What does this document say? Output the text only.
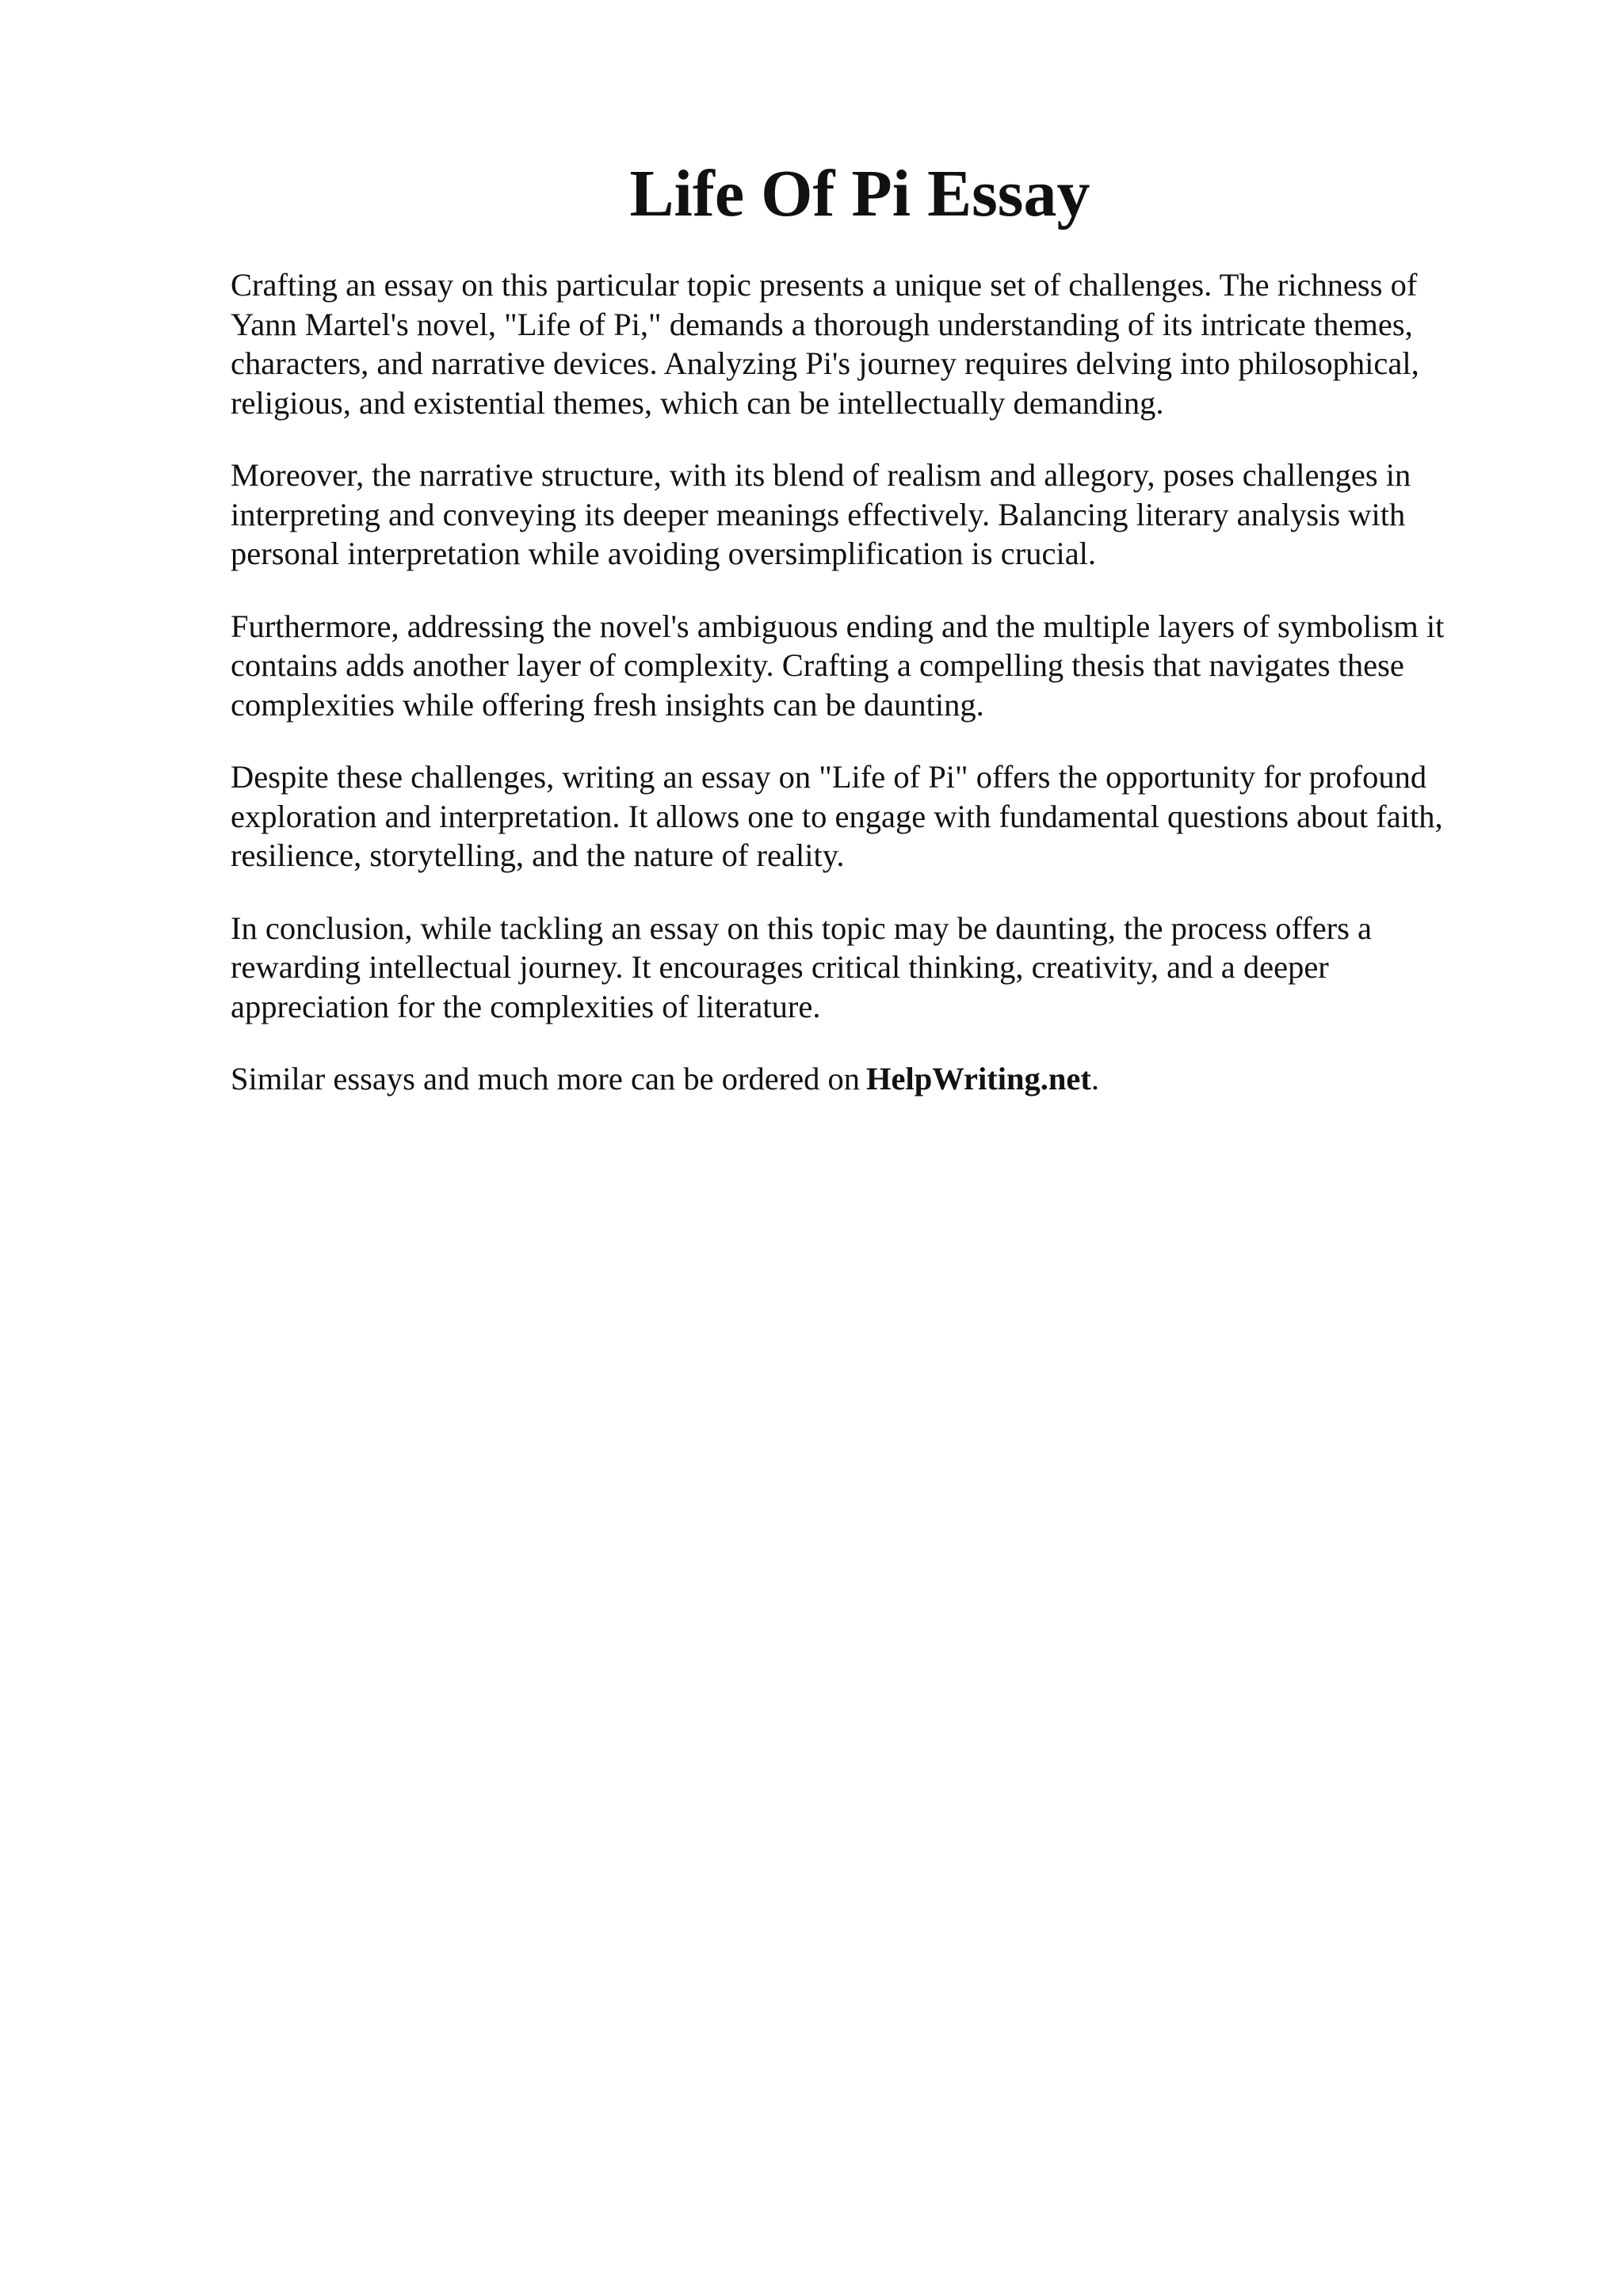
Life Of Pi Essay

Crafting an essay on this particular topic presents a unique set of challenges. The richness of Yann Martel's novel, "Life of Pi," demands a thorough understanding of its intricate themes, characters, and narrative devices. Analyzing Pi's journey requires delving into philosophical, religious, and existential themes, which can be intellectually demanding.

Moreover, the narrative structure, with its blend of realism and allegory, poses challenges in interpreting and conveying its deeper meanings effectively. Balancing literary analysis with personal interpretation while avoiding oversimplification is crucial.

Furthermore, addressing the novel's ambiguous ending and the multiple layers of symbolism it contains adds another layer of complexity. Crafting a compelling thesis that navigates these complexities while offering fresh insights can be daunting.

Despite these challenges, writing an essay on "Life of Pi" offers the opportunity for profound exploration and interpretation. It allows one to engage with fundamental questions about faith, resilience, storytelling, and the nature of reality.

In conclusion, while tackling an essay on this topic may be daunting, the process offers a rewarding intellectual journey. It encourages critical thinking, creativity, and a deeper appreciation for the complexities of literature.

Similar essays and much more can be ordered on HelpWriting.net.
